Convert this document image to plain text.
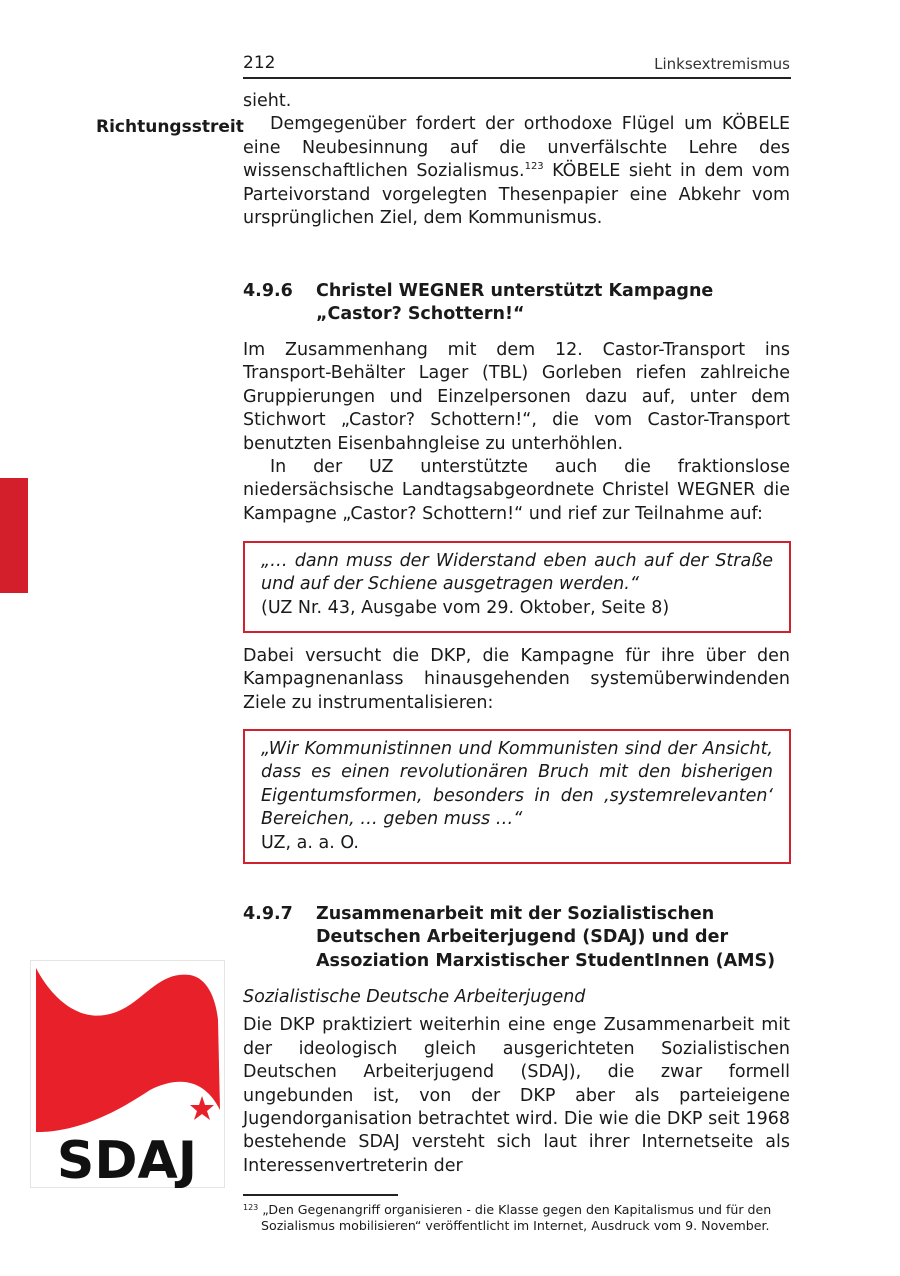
212	Linksextremismus
Richtungsstreit

sieht.

Demgegenüber fordert der orthodoxe Flügel um KÖBELE eine Neubesinnung auf die unverfälschte Lehre des wissenschaftlichen Sozialismus.$^{123}$ KÖBELE sieht in dem vom Parteivorstand vorgelegten Thesenpapier eine Abkehr vom ursprünglichen Ziel, dem Kommunismus.

4.9.6	Christel WEGNER unterstützt Kampagne „Castor? Schottern!“

Im Zusammenhang mit dem 12. Castor-Transport ins Transport-Behälter Lager (TBL) Gorleben riefen zahlreiche Gruppierungen und Einzelpersonen dazu auf, unter dem Stichwort „Castor? Schottern!“, die vom Castor-Transport benutzten Eisenbahngleise zu unterhöhlen.

In der UZ unterstützte auch die fraktionslose niedersächsische Landtagsabgeordnete Christel WEGNER die Kampagne „Castor? Schottern!“ und rief zur Teilnahme auf:

„… dann muss der Widerstand eben auch auf der Straße und auf der Schiene ausgetragen werden.“
(UZ Nr. 43, Ausgabe vom 29. Oktober, Seite 8)

Dabei versucht die DKP, die Kampagne für ihre über den Kampagnenanlass hinausgehenden systemüberwindenden Ziele zu instrumentalisieren:

„Wir Kommunistinnen und Kommunisten sind der Ansicht, dass es einen revolutionären Bruch mit den bisherigen Eigentumsformen, besonders in den ‚systemrelevanten‘ Bereichen, … geben muss …“
UZ, a. a. O.
4.9.7	Zusammenarbeit mit der Sozialistischen Deutschen Arbeiterjugend (SDAJ) und der Assoziation Marxistischer StudentInnen (AMS)

Sozialistische Deutsche Arbeiterjugend

Die DKP praktiziert weiterhin eine enge Zusammenarbeit mit der ideologisch gleich ausgerichteten Sozialistischen Deutschen Arbeiterjugend (SDAJ), die zwar formell ungebunden ist, von der DKP aber als parteieigene Jugendorganisation betrachtet wird. Die wie die DKP seit 1968 bestehende SDAJ versteht sich laut ihrer Internetseite als Interessenvertreterin der

SDAJ
$^{123}$ „Den Gegenangriff organisieren - die Klasse gegen den Kapitalismus und für den
Sozialismus mobilisieren“ veröffentlicht im Internet, Ausdruck vom 9. November.
